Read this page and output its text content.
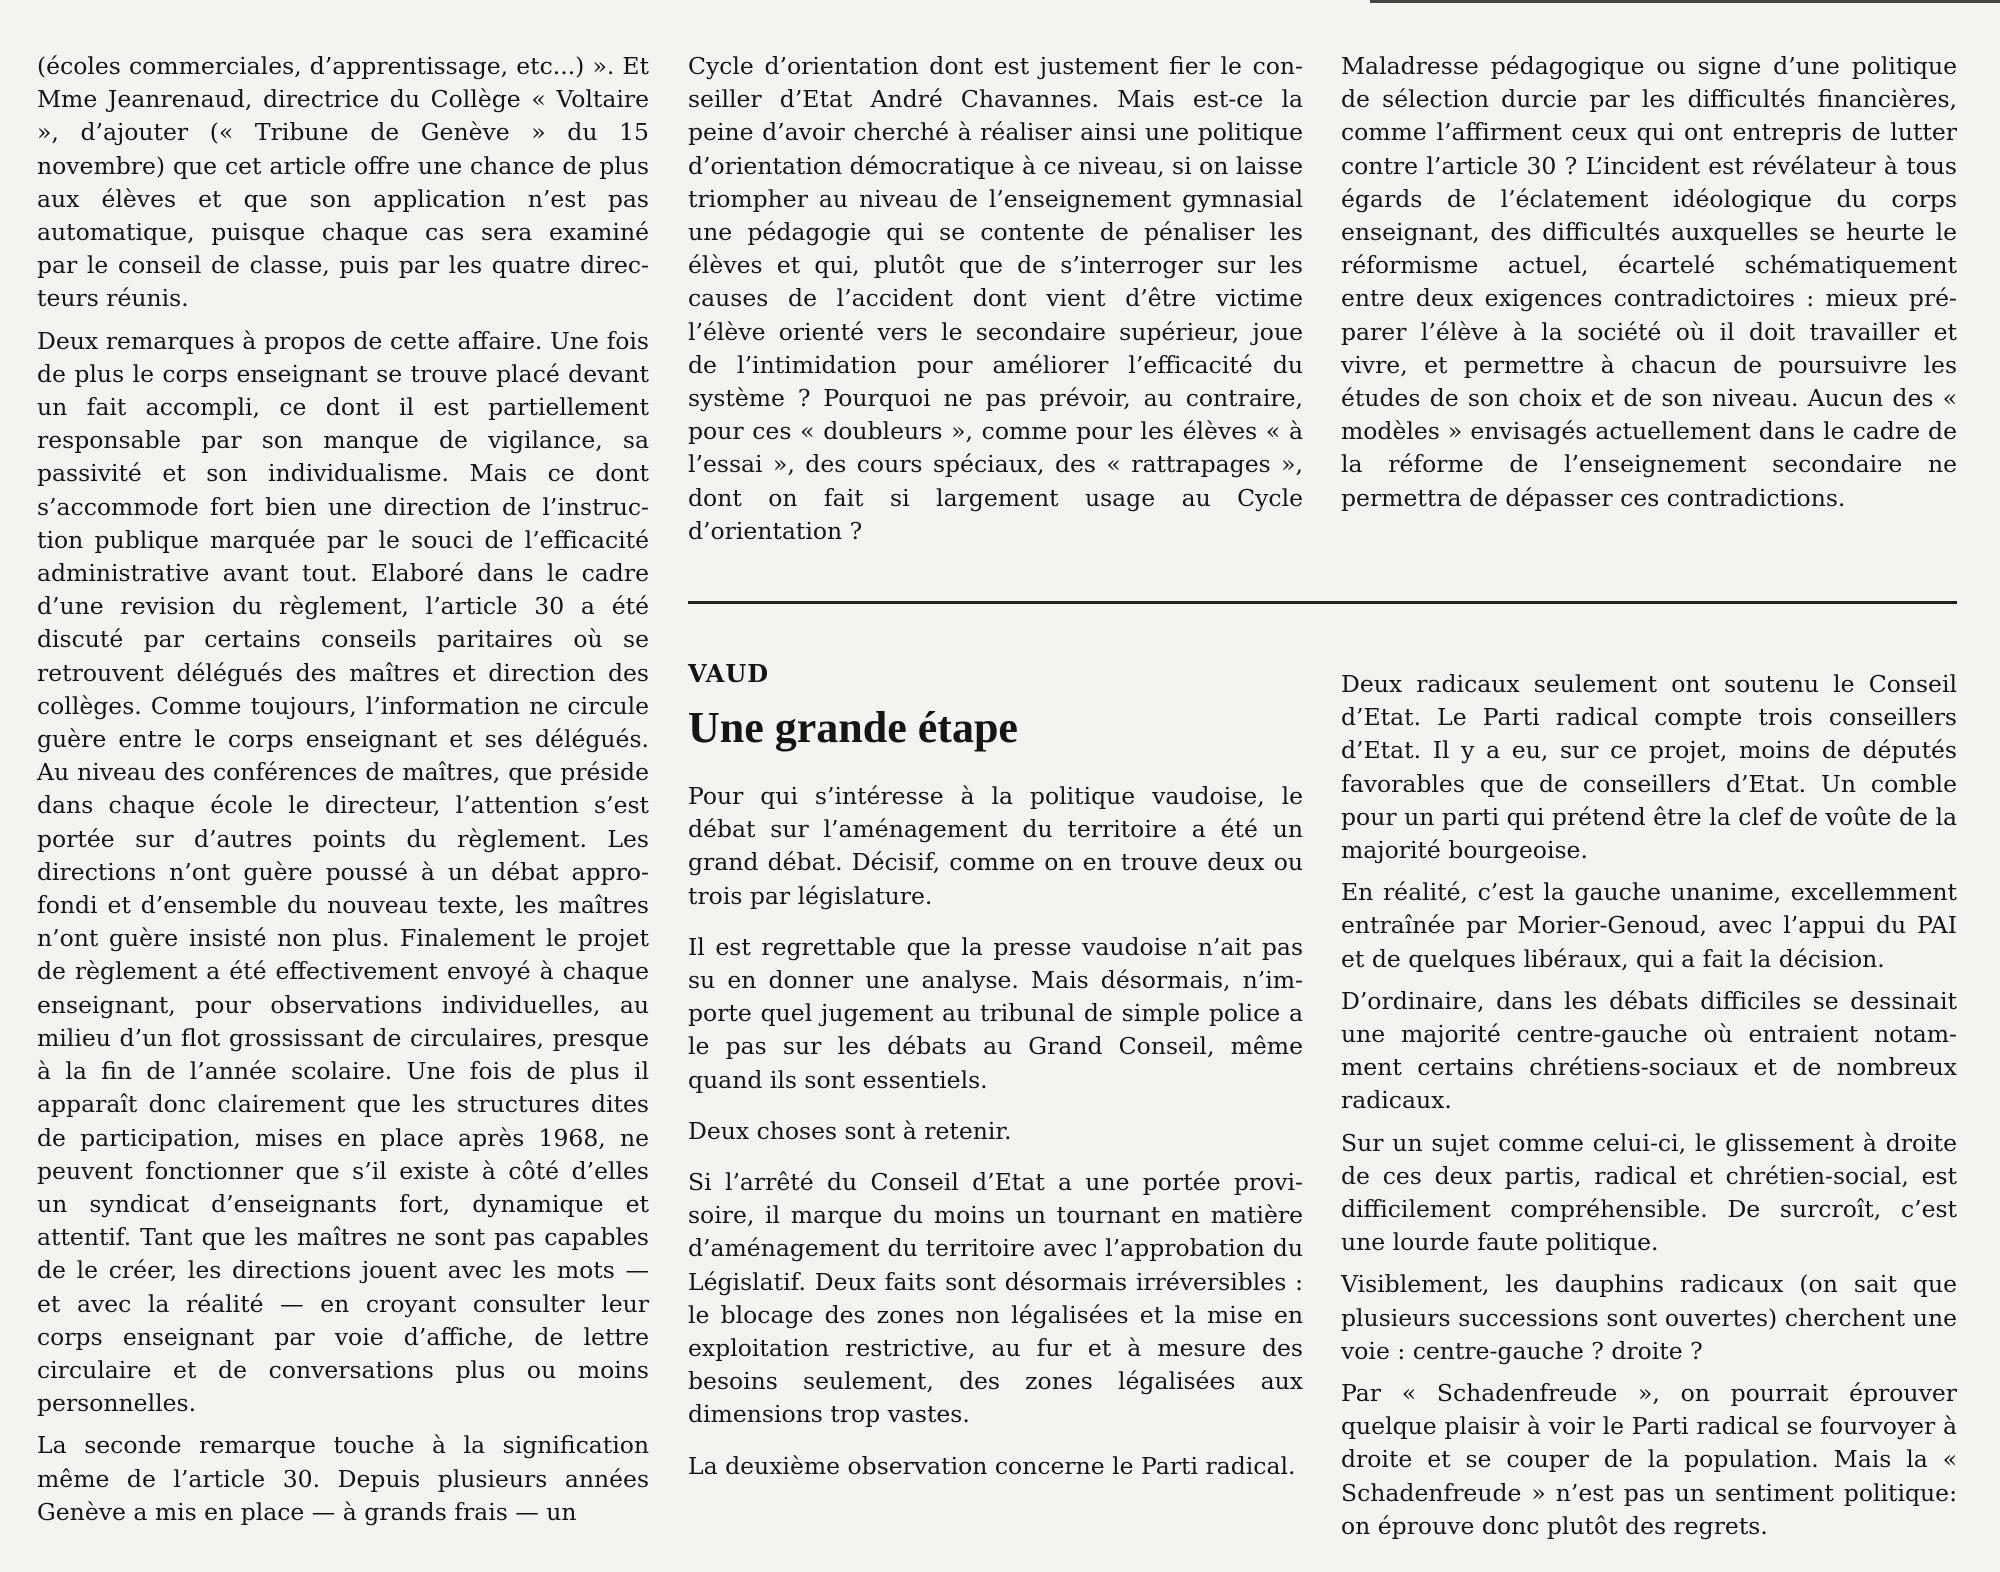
(écoles commerciales, d’apprentissage, etc...) ». Et Mme Jeanrenaud, directrice du Collège « Voltaire », d’ajouter (« Tribune de Genève » du 15 novembre) que cet article offre une chance de plus aux élèves et que son application n’est pas automatique, puisque chaque cas sera examiné par le conseil de classe, puis par les quatre directeurs réunis.

Deux remarques à propos de cette affaire. Une fois de plus le corps enseignant se trouve placé devant un fait accompli, ce dont il est partiellement responsable par son manque de vigilance, sa passivité et son individualisme. Mais ce dont s’accommode fort bien une direction de l’instruction publique marquée par le souci de l’efficacité administrative avant tout. Elaboré dans le cadre d’une revision du règlement, l’article 30 a été discuté par certains conseils paritaires où se retrouvent délégués des maîtres et direction des collèges. Comme toujours, l’information ne circule guère entre le corps enseignant et ses délégués. Au niveau des conférences de maîtres, que préside dans chaque école le directeur, l’attention s’est portée sur d’autres points du règlement. Les directions n’ont guère poussé à un débat approfondi et d’ensemble du nouveau texte, les maîtres n’ont guère insisté non plus. Finalement le projet de règlement a été effectivement envoyé à chaque enseignant, pour observations individuelles, au milieu d’un flot grossissant de circulaires, presque à la fin de l’année scolaire. Une fois de plus il apparaît donc clairement que les structures dites de participation, mises en place après 1968, ne peuvent fonctionner que s’il existe à côté d’elles un syndicat d’enseignants fort, dynamique et attentif. Tant que les maîtres ne sont pas capables de le créer, les directions jouent avec les mots — et avec la réalité — en croyant consulter leur corps enseignant par voie d’affiche, de lettre circulaire et de conversations plus ou moins personnelles.

La seconde remarque touche à la signification même de l’article 30. Depuis plusieurs années Genève a mis en place — à grands frais — un

Cycle d’orientation dont est justement fier le conseiller d’Etat André Chavannes. Mais est-ce la peine d’avoir cherché à réaliser ainsi une politique d’orientation démocratique à ce niveau, si on laisse triompher au niveau de l’enseignement gymnasial une pédagogie qui se contente de pénaliser les élèves et qui, plutôt que de s’interroger sur les causes de l’accident dont vient d’être victime l’élève orienté vers le secondaire supérieur, joue de l’intimidation pour améliorer l’efficacité du système ? Pourquoi ne pas prévoir, au contraire, pour ces « doubleurs », comme pour les élèves « à l’essai », des cours spéciaux, des « rattrapages », dont on fait si largement usage au Cycle d’orientation ?

Maladresse pédagogique ou signe d’une politique de sélection durcie par les difficultés financières, comme l’affirment ceux qui ont entrepris de lutter contre l’article 30 ? L’incident est révélateur à tous égards de l’éclatement idéologique du corps enseignant, des difficultés auxquelles se heurte le réformisme actuel, écartelé schématiquement entre deux exigences contradictoires : mieux préparer l’élève à la société où il doit travailler et vivre, et permettre à chacun de poursuivre les études de son choix et de son niveau. Aucun des « modèles » envisagés actuellement dans le cadre de la réforme de l’enseignement secondaire ne permettra de dépasser ces contradictions.

VAUD
Une grande étape

Pour qui s’intéresse à la politique vaudoise, le débat sur l’aménagement du territoire a été un grand débat. Décisif, comme on en trouve deux ou trois par législature.

Il est regrettable que la presse vaudoise n’ait pas su en donner une analyse. Mais désormais, n’importe quel jugement au tribunal de simple police a le pas sur les débats au Grand Conseil, même quand ils sont essentiels.

Deux choses sont à retenir.

Si l’arrêté du Conseil d’Etat a une portée provisoire, il marque du moins un tournant en matière d’aménagement du territoire avec l’approbation du Législatif. Deux faits sont désormais irréversibles : le blocage des zones non légalisées et la mise en exploitation restrictive, au fur et à mesure des besoins seulement, des zones légalisées aux dimensions trop vastes.

La deuxième observation concerne le Parti radical.

Deux radicaux seulement ont soutenu le Conseil d’Etat. Le Parti radical compte trois conseillers d’Etat. Il y a eu, sur ce projet, moins de députés favorables que de conseillers d’Etat. Un comble pour un parti qui prétend être la clef de voûte de la majorité bourgeoise.

En réalité, c’est la gauche unanime, excellemment entraînée par Morier-Genoud, avec l’appui du PAI et de quelques libéraux, qui a fait la décision.

D’ordinaire, dans les débats difficiles se dessinait une majorité centre-gauche où entraient notamment certains chrétiens-sociaux et de nombreux radicaux.

Sur un sujet comme celui-ci, le glissement à droite de ces deux partis, radical et chrétien-social, est difficilement compréhensible. De surcroît, c’est une lourde faute politique.

Visiblement, les dauphins radicaux (on sait que plusieurs successions sont ouvertes) cherchent une voie : centre-gauche ? droite ?

Par « Schadenfreude », on pourrait éprouver quelque plaisir à voir le Parti radical se fourvoyer à droite et se couper de la population. Mais la « Schadenfreude » n’est pas un sentiment politique: on éprouve donc plutôt des regrets.
